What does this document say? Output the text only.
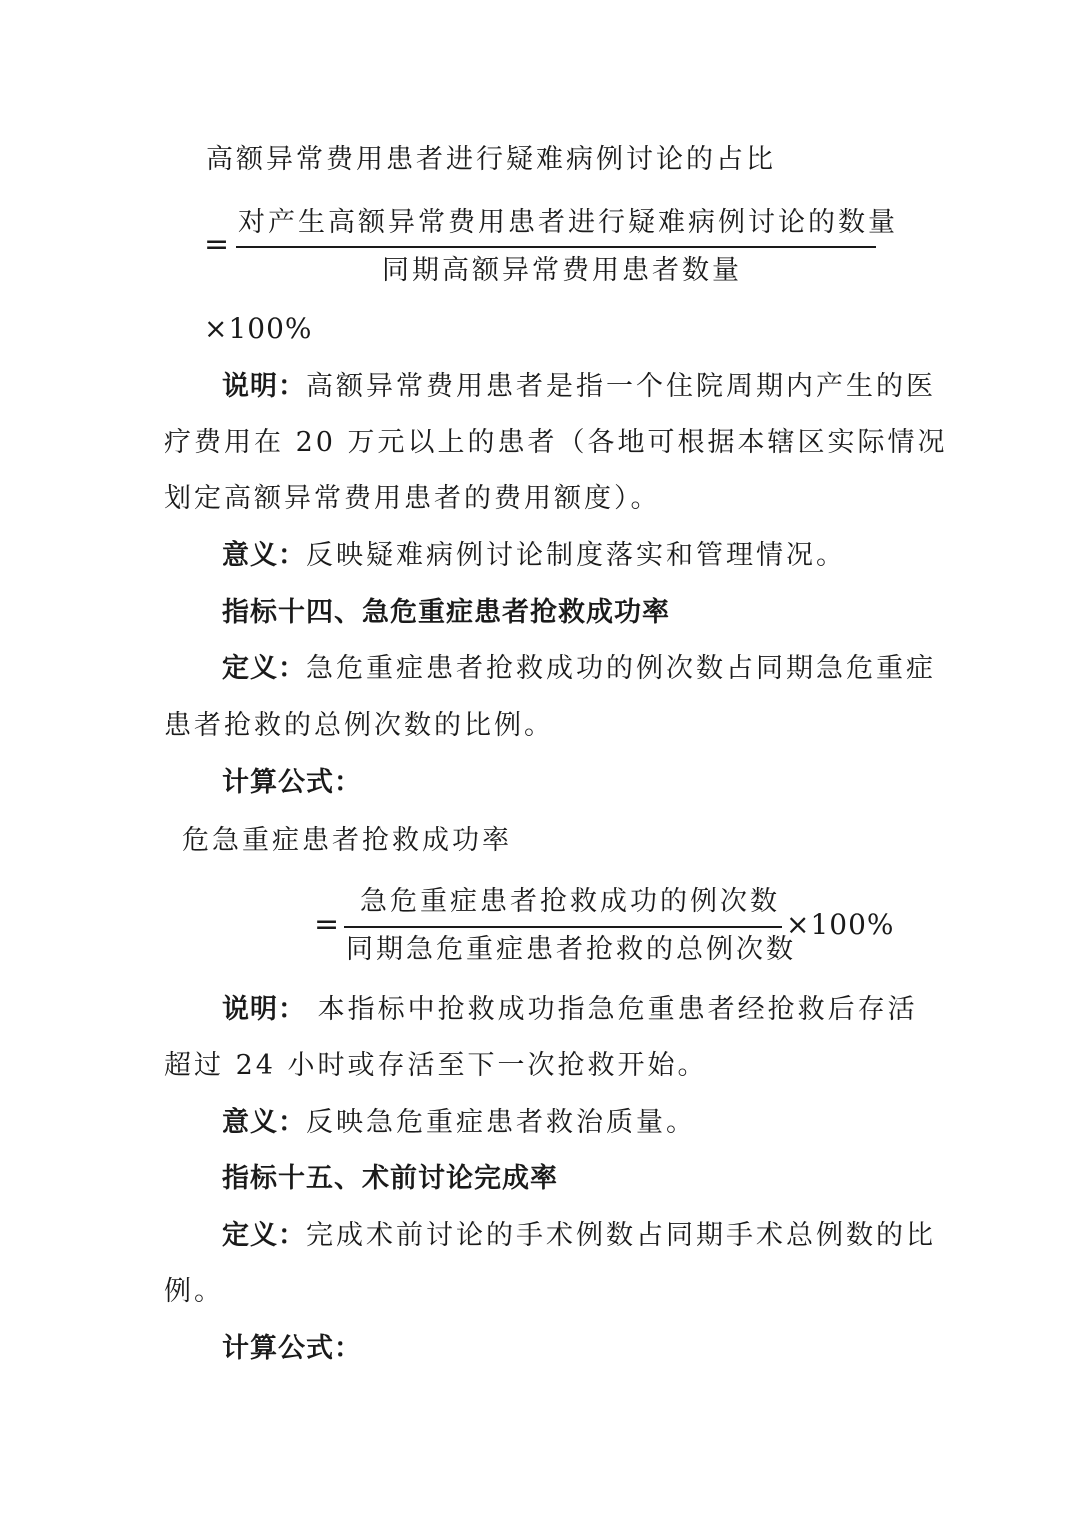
高额异常费用患者进行疑难病例讨论的占比
=
对产生高额异常费用患者进行疑难病例讨论的数量
同期高额异常费用患者数量
×100%
说明：高额异常费用患者是指一个住院周期内产生的医
疗费用在 20 万元以上的患者（各地可根据本辖区实际情况
划定高额异常费用患者的费用额度）。
意义：反映疑难病例讨论制度落实和管理情况。
指标十四、急危重症患者抢救成功率
定义：急危重症患者抢救成功的例次数占同期急危重症
患者抢救的总例次数的比例。
计算公式：
危急重症患者抢救成功率
=
急危重症患者抢救成功的例次数
同期急危重症患者抢救的总例次数
×100%
说明： 本指标中抢救成功指急危重患者经抢救后存活
超过 24 小时或存活至下一次抢救开始。
意义：反映急危重症患者救治质量。
指标十五、术前讨论完成率
定义：完成术前讨论的手术例数占同期手术总例数的比
例。
计算公式：
